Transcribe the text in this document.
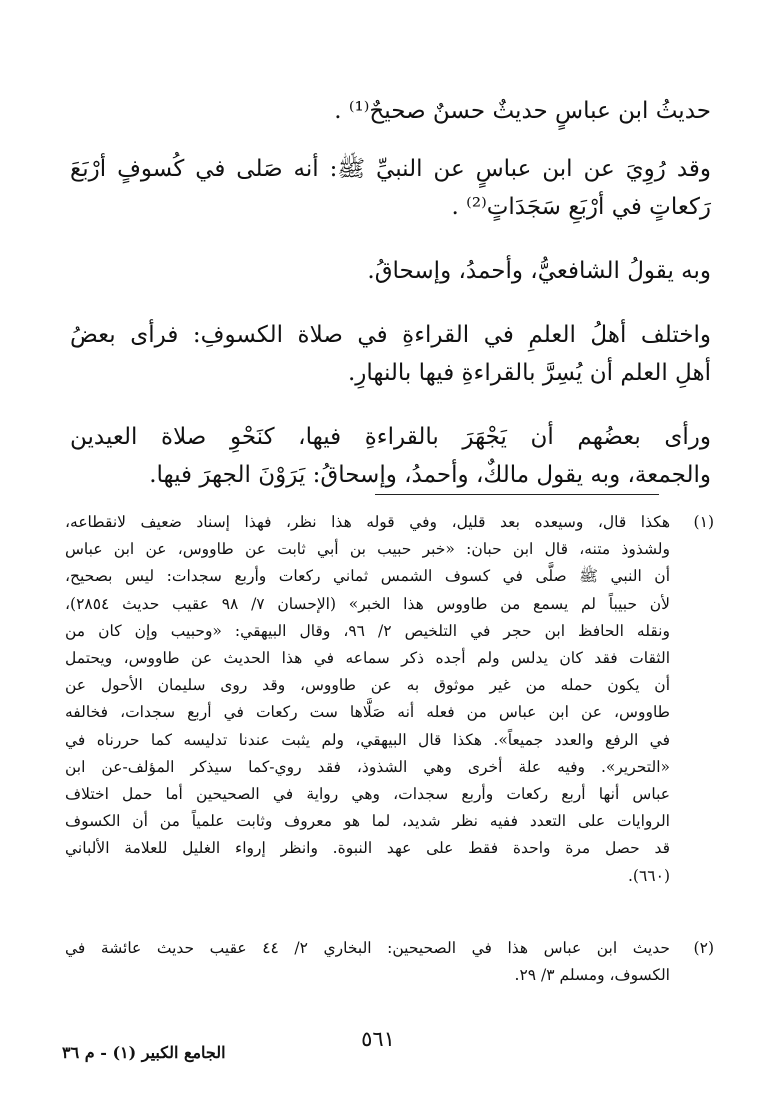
حديثُ ابن عباسٍ حديثٌ حسنٌ صحيحٌ⁽¹⁾ .
وقد رُوِيَ عن ابن عباسٍ عن النبيِّ ﷺ: أنه صَلى في كُسوفٍ أرْبَعَ
رَكعاتٍ في أرْبَعِ سَجَدَاتٍ⁽²⁾ .
وبه يقولُ الشافعيُّ، وأحمدُ، وإسحاقُ.
واختلف أهلُ العلمِ في القراءةِ في صلاة الكسوفِ: فرأى بعضُ
أهلِ العلم أن يُسِرَّ بالقراءةِ فيها بالنهارِ.
ورأى بعضُهم أن يَجْهَرَ بالقراءةِ فيها، كنَحْوِ صلاة العيدين
والجمعة، وبه يقول مالكٌ، وأحمدُ، وإسحاقُ: يَرَوْنَ الجهرَ فيها.
(١)
هكذا قال، وسيعده بعد قليل، وفي قوله هذا نظر، فهذا إسناد ضعيف لانقطاعه،
ولشذوذ متنه، قال ابن حبان: «خبر حبيب بن أبي ثابت عن طاووس، عن ابن عباس
أن النبي ﷺ صلَّى في كسوف الشمس ثماني ركعات وأربع سجدات: ليس بصحيح،
لأن حبيباً لم يسمع من طاووس هذا الخبر» (الإحسان ٧/ ٩٨ عقيب حديث ٢٨٥٤)،
ونقله الحافظ ابن حجر في التلخيص ٢/ ٩٦، وقال البيهقي: «وحبيب وإن كان من
الثقات فقد كان يدلس ولم أجده ذكر سماعه في هذا الحديث عن طاووس، ويحتمل
أن يكون حمله من غير موثوق به عن طاووس، وقد روى سليمان الأحول عن
طاووس، عن ابن عباس من فعله أنه صَلَّاها ست ركعات في أربع سجدات، فخالفه
في الرفع والعدد جميعاً». هكذا قال البيهقي، ولم يثبت عندنا تدليسه كما حررناه في
«التحرير». وفيه علة أخرى وهي الشذوذ، فقد روي-كما سيذكر المؤلف-عن ابن
عباس أنها أربع ركعات وأربع سجدات، وهي رواية في الصحيحين أما حمل اختلاف
الروايات على التعدد ففيه نظر شديد، لما هو معروف وثابت علمياً من أن الكسوف
قد حصل مرة واحدة فقط على عهد النبوة. وانظر إرواء الغليل للعلامة الألباني
(٦٦٠).
(٢)
حديث ابن عباس هذا في الصحيحين: البخاري ٢/ ٤٤ عقيب حديث عائشة في
الكسوف، ومسلم ٣/ ٢٩.
٥٦١
الجامع الكبير (١) - م ٣٦
